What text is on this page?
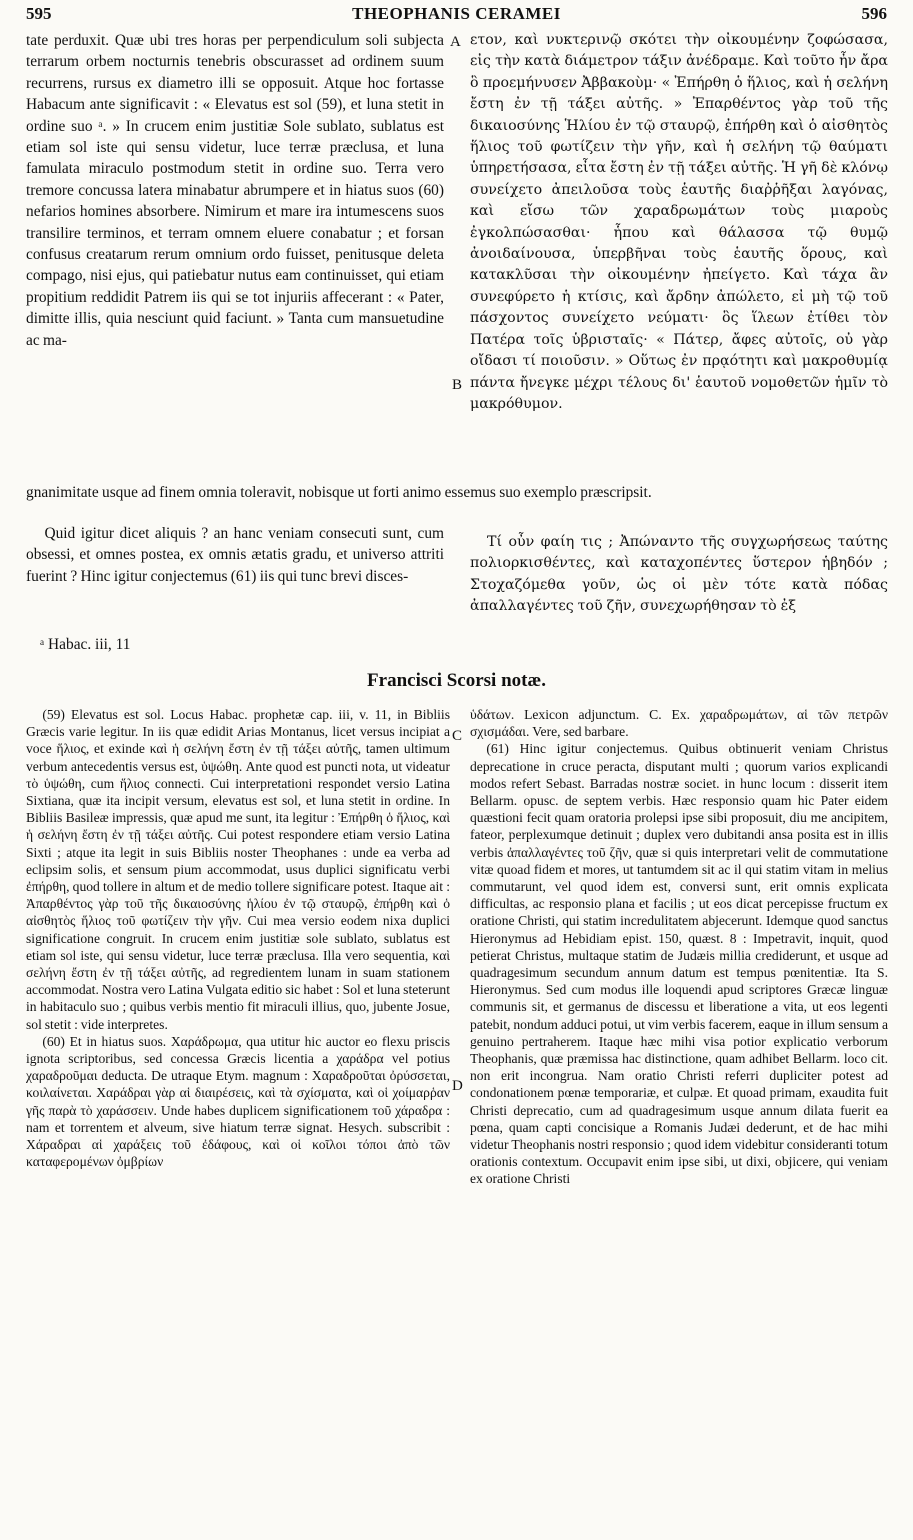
595	THEOPHANIS CERAMEI	596

tate perduxit. Quæ ubi tres horas per perpendiculum soli subjecta terrarum orbem nocturnis tenebris obscurasset ad ordinem suum recurrens, rursus ex diametro illi se opposuit. Atque hoc fortasse Habacum ante significavit : « Elevatus est sol (59), et luna stetit in ordine suo ᵃ. » In crucem enim justitiæ Sole sublato, sublatus est etiam sol iste qui sensu videtur, luce terræ præclusa, et luna famulata miraculo postmodum stetit in ordine suo. Terra vero tremore concussa latera minabatur abrumpere et in hiatus suos (60) nefarios homines absorbere. Nimirum et mare ira intumescens suos transilire terminos, et terram omnem eluere conabatur ; et forsan confusus creatarum rerum omnium ordo fuisset, penitusque deleta compago, nisi ejus, qui patiebatur nutus eam continuisset, qui etiam propitium reddidit Patrem iis qui se tot injuriis affecerant : « Pater, dimitte illis, quia nesciunt quid faciunt. » Tanta cum mansuetudine ac ma-

A ετον, καὶ νυκτερινῷ σκότει τὴν οἰκουμένην ζοφώσασα, εἰς τὴν κατὰ διάμετρον τάξιν ἀνέδραμε. Καὶ τοῦτο ἦν ἄρα ὃ προεμήνυσεν Ἀββακοὺμ· « Ἐπήρθη ὁ ἥλιος, καὶ ἡ σελήνη ἔστη ἐν τῇ τάξει αὐτῆς. » Ἐπαρθέντος γὰρ τοῦ τῆς δικαιοσύνης Ἡλίου ἐν τῷ σταυρῷ, ἐπήρθη καὶ ὁ αἰσθητὸς ἥλιος τοῦ φωτίζειν τὴν γῆν, καὶ ἡ σελήνη τῷ θαύματι ὑπηρετήσασα, εἶτα ἔστη ἐν τῇ τάξει αὐτῆς. Ἡ γῆ δὲ κλόνῳ συνείχετο ἀπειλοῦσα τοὺς ἑαυτῆς διαῤῥῆξαι λαγόνας, καὶ εἴσω τῶν χαραδρωμάτων τοὺς μιαροὺς ἐγκολπώσασθαι· ἧπου καὶ θάλασσα τῷ θυμῷ ἀνοιδαίνουσα, ὑπερβῆναι τοὺς ἑαυτῆς ὅρους, καὶ κατακλῦσαι τὴν οἰκουμένην ἠπείγετο. Καὶ τάχα ἂν συνεφύρετο ἡ κτίσις, καὶ ἄρδην ἀπώλετο, εἰ μὴ τῷ τοῦ πάσχοντος συνείχετο νεύματι· ὃς ἵλεων ἐτίθει τὸν Πατέρα τοῖς ὑβρισταῖς· « Πάτερ, ἄφες αὐτοῖς, οὐ γὰρ οἴδασι τί ποιοῦσιν. » Οὕτως ἐν πρᾳότητι καὶ μακροθυμίᾳ πάντα ἤνεγκε μέχρι τέλους δι' ἑαυτοῦ νομοθετῶν ἡμῖν τὸ μακρόθυμον.

B

gnanimitate usque ad finem omnia toleravit, nobisque ut forti animo essemus suo exemplo præscripsit.

Quid igitur dicet aliquis ? an hanc veniam consecuti sunt, cum obsessi, et omnes postea, ex omnis ætatis gradu, et universo attriti fuerint ? Hinc igitur conjectemus (61) iis qui tunc brevi disces-

Τί οὖν φαίη τις ; Ἀπώναντο τῆς συγχωρήσεως ταύτης πολιορκισθέντες, καὶ καταχοπέντες ὕστερον ἡβηδόν ; Στοχαζόμεθα γοῦν, ὡς οἱ μὲν τότε κατὰ πόδας ἀπαλλαγέντες τοῦ ζῆν, συνεχωρήθησαν τὸ ἐξ

ᵃ Habac. iii, 11
Francisci Scorsi notæ.

(59) Elevatus est sol. Locus Habac. prophetæ cap. iii, v. 11, in Bibliis Græcis varie legitur. In iis quæ edidit Arias Montanus, licet versus incipiat a voce ἥλιος, et exinde καὶ ἡ σελήνη ἔστη ἐν τῇ τάξει αὐτῆς, tamen ultimum verbum antecedentis versus est, ὑψώθη. Ante quod est puncti nota, ut videatur τὸ ὑψώθη, cum ἥλιος connecti. Cui interpretationi respondet versio Latina Sixtiana, quæ ita incipit versum, elevatus est sol, et luna stetit in ordine. In Bibliis Basileæ impressis, quæ apud me sunt, ita legitur : Ἐπήρθη ὁ ἥλιος, καὶ ἡ σελήνη ἔστη ἐν τῇ τάξει αὐτῆς. Cui potest respondere etiam versio Latina Sixti ; atque ita legit in suis Bibliis noster Theophanes : unde ea verba ad eclipsim solis, et sensum pium accommodat, usus duplici significatu verbi ἐπήρθη, quod tollere in altum et de medio tollere significare potest. Itaque ait : Ἀπαρθέντος γὰρ τοῦ τῆς δικαιοσύνης ἡλίου ἐν τῷ σταυρῷ, ἐπήρθη καὶ ὁ αἰσθητὸς ἥλιος τοῦ φωτίζειν τὴν γῆν. Cui mea versio eodem nixa duplici significatione congruit. In crucem enim justitiæ sole sublato, sublatus est etiam sol iste, qui sensu videtur, luce terræ præclusa. Illa vero sequentia, καὶ σελήνη ἔστη ἐν τῇ τάξει αὐτῆς, ad regredientem lunam in suam stationem accommodat. Nostra vero Latina Vulgata editio sic habet : Sol et luna steterunt in habitaculo suo ; quibus verbis mentio fit miraculi illius, quo, jubente Josue, sol stetit : vide interpretes.

(60) Et in hiatus suos. Χαράδρωμα, qua utitur hic auctor eo flexu priscis ignota scriptoribus, sed concessa Græcis licentia a χαράδρα vel potius χαραδροῦμαι deducta. De utraque Etym. magnum : Χαραδροῦται ὀρύσσεται, κοιλαίνεται. Χαράδραι γὰρ αἱ διαιρέσεις, καὶ τὰ σχίσματα, καὶ οἱ χοίμαρῥαν γῆς παρὰ τὸ χαράσσειν. Unde habes duplicem significationem τοῦ χάραδρα : nam et torrentem et alveum, sive hiatum terræ signat. Hesych. subscribit : Χάραδραι αἱ χαράξεις τοῦ ἐδάφους, καὶ οἱ κοῖλοι τόποι ἀπὸ τῶν καταφερομένων ὀμβρίων

C
D

ὑδάτων. Lexicon adjunctum. C. Ex. χαραδρωμάτων, αἱ τῶν πετρῶν σχισμάδαι. Vere, sed barbare.

(61) Hinc igitur conjectemus. Quibus obtinuerit veniam Christus deprecatione in cruce peracta, disputant multi ; quorum varios explicandi modos refert Sebast. Barradas nostræ societ. in hunc locum : disserit item Bellarm. opusc. de septem verbis. Hæc responsio quam hic Pater eidem quæstioni fecit quam oratoria prolepsi ipse sibi proposuit, diu me ancipitem, fateor, perplexumque detinuit ; duplex vero dubitandi ansa posita est in illis verbis ἀπαλλαγέντες τοῦ ζῆν, quæ si quis interpretari velit de commutatione vitæ quoad fidem et mores, ut tantumdem sit ac il qui statim vitam in melius commutarunt, vel quod idem est, conversi sunt, erit omnis explicata difficultas, ac responsio plana et facilis ; ut eos dicat percepisse fructum ex oratione Christi, qui statim incredulitatem abjecerunt. Idemque quod sanctus Hieronymus ad Hebidiam epist. 150, quæst. 8 : Impetravit, inquit, quod petierat Christus, multaque statim de Judæis millia crediderunt, et usque ad quadragesimum secundum annum datum est tempus pœnitentiæ. Ita S. Hieronymus. Sed cum modus ille loquendi apud scriptores Græcæ linguæ communis sit, et germanus de discessu et liberatione a vita, ut eos legenti patebit, nondum adduci potui, ut vim verbis facerem, eaque in illum sensum a genuino pertraherem. Itaque hæc mihi visa potior explicatio verborum Theophanis, quæ præmissa hac distinctione, quam adhibet Bellarm. loco cit. non erit incongrua. Nam oratio Christi referri dupliciter potest ad condonationem pœnæ temporariæ, et culpæ. Et quoad primam, exaudita fuit Christi deprecatio, cum ad quadragesimum usque annum dilata fuerit ea pœna, quam capti concisique a Romanis Judæi dederunt, et de hac mihi videtur Theophanis nostri responsio ; quod idem videbitur consideranti totum orationis contextum. Occupavit enim ipse sibi, ut dixi, objicere, qui veniam ex oratione Christi
